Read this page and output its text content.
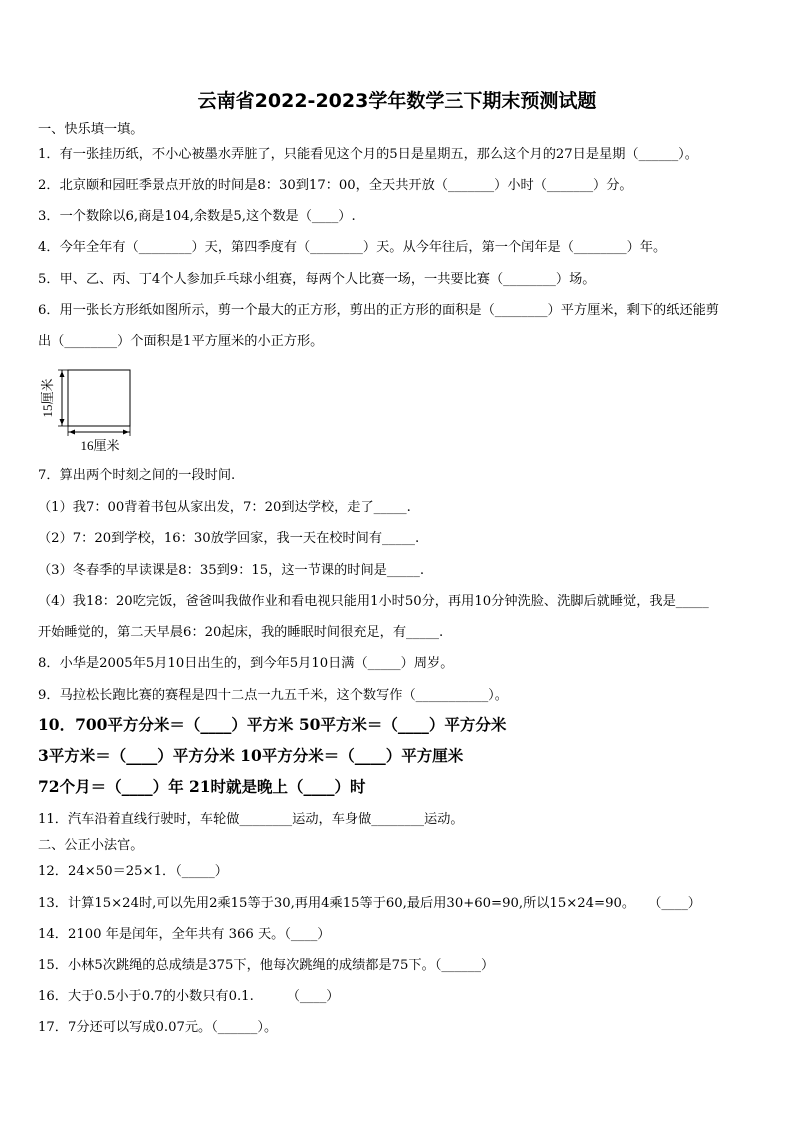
云南省2022-2023学年数学三下期末预测试题
一、快乐填一填。
1．有一张挂历纸，不小心被墨水弄脏了，只能看见这个月的5日是星期五，那么这个月的27日是星期（______）。
2．北京颐和园旺季景点开放的时间是8：30到17：00，全天共开放（_______）小时（_______）分。
3．一个数除以6,商是104,余数是5,这个数是（____）.
4．今年全年有（________）天，第四季度有（________）天。从今年往后，第一个闰年是（________）年。
5．甲、乙、丙、丁4个人参加乒乓球小组赛，每两个人比赛一场，一共要比赛（________）场。
6．用一张长方形纸如图所示，剪一个最大的正方形，剪出的正方形的面积是（________）平方厘米，剩下的纸还能剪
出（________）个面积是1平方厘米的小正方形。
15厘米
16厘米
7．算出两个时刻之间的一段时间.
（1）我7：00背着书包从家出发，7：20到达学校，走了_____.
（2）7：20到学校，16：30放学回家，我一天在校时间有_____.
（3）冬春季的早读课是8：35到9：15，这一节课的时间是_____.
（4）我18：20吃完饭，爸爸叫我做作业和看电视只能用1小时50分，再用10分钟洗脸、洗脚后就睡觉，我是_____
开始睡觉的，第二天早晨6：20起床，我的睡眠时间很充足，有_____.
8．小华是2005年5月10日出生的，到今年5月10日满（_____）周岁。
9．马拉松长跑比赛的赛程是四十二点一九五千米，这个数写作（___________）。
10．700平方分米＝（____）平方米 50平方米＝（____）平方分米
3平方米＝（____）平方分米 10平方分米＝（____）平方厘米
72个月＝（____）年 21时就是晚上（____）时
11．汽车沿着直线行驶时，车轮做________运动，车身做________运动。
二、公正小法官。
12．24×50＝25×1．（_____）
13．计算15×24时,可以先用2乘15等于30,再用4乘15等于60,最后用30+60=90,所以15×24=90。　　（____）
14．2100 年是闰年，全年共有 366 天。（____）
15．小林5次跳绳的总成绩是375下，他每次跳绳的成绩都是75下。（______）
16．大于0.5小于0.7的小数只有0.1.　　　（____）
17．7分还可以写成0.07元。（______）。
